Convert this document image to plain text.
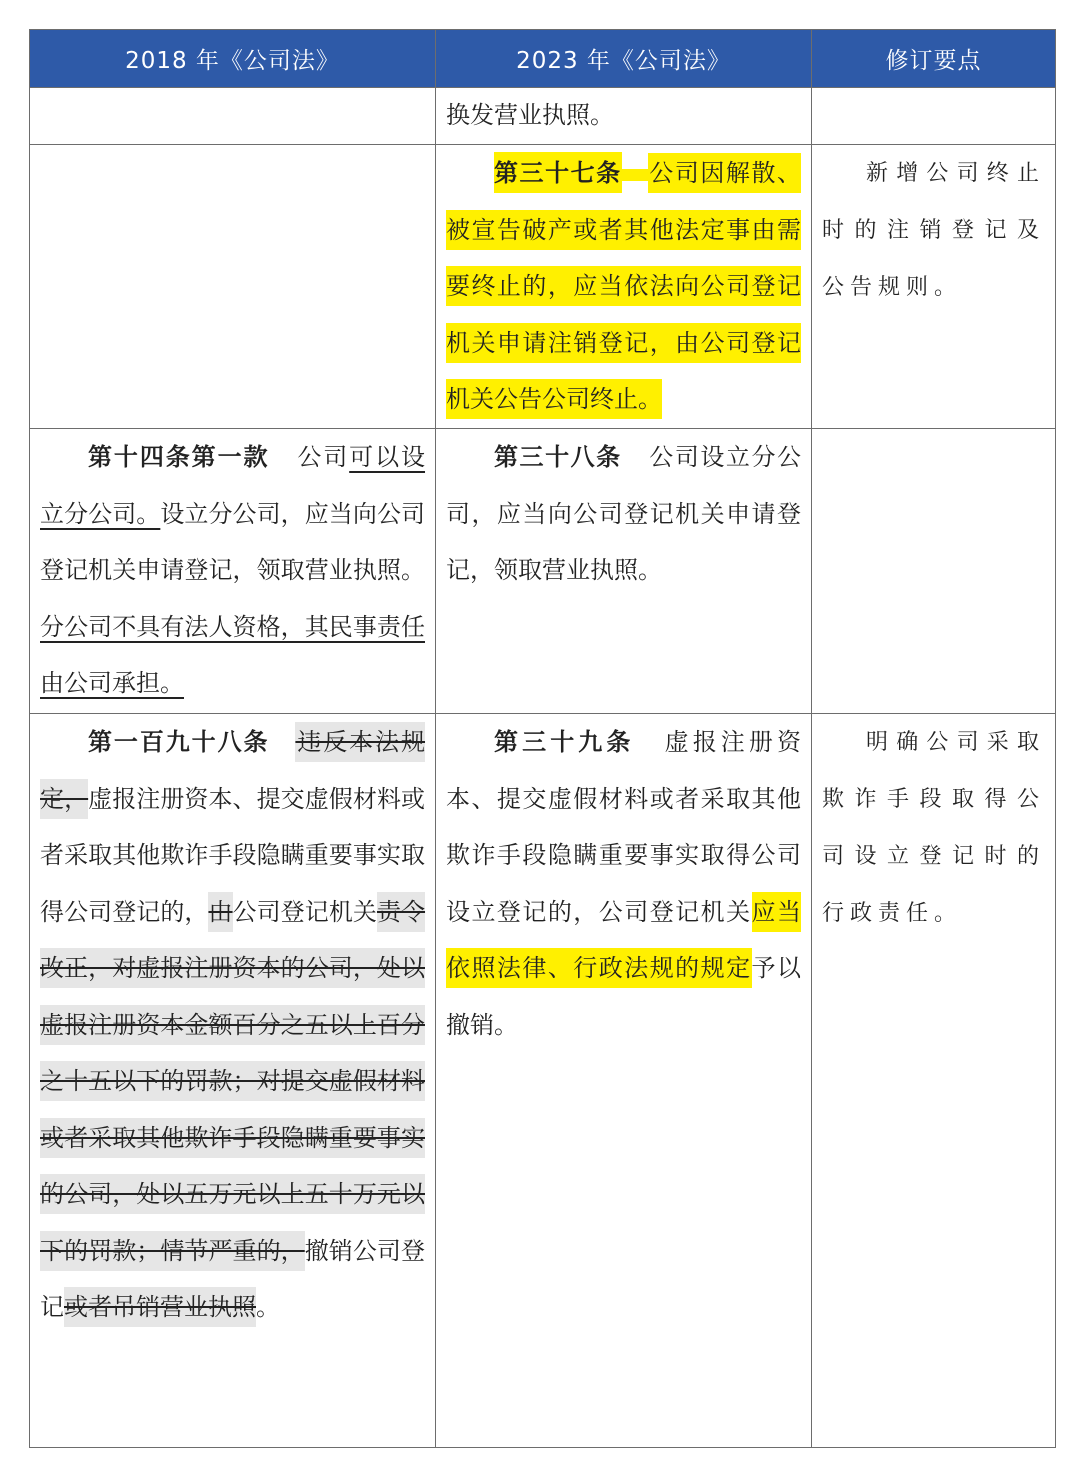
2018 年《公司法》	2023 年《公司法》	修订要点

	换发营业执照。	

	第三十七条 公司因解散、被宣告破产或者其他法定事由需要终止的，应当依法向公司登记机关申请注销登记，由公司登记机关公告公司终止。	新增公司终止时的注销登记及公告规则。

第十四条第一款 公司可以设立分公司。设立分公司，应当向公司登记机关申请登记，领取营业执照。分公司不具有法人资格，其民事责任由公司承担。	第三十八条 公司设立分公司，应当向公司登记机关申请登记，领取营业执照。	

第一百九十八条 违反本法规定，虚报注册资本、提交虚假材料或者采取其他欺诈手段隐瞒重要事实取得公司登记的，由公司登记机关责令改正，对虚报注册资本的公司，处以虚报注册资本金额百分之五以上百分之十五以下的罚款；对提交虚假材料或者采取其他欺诈手段隐瞒重要事实的公司，处以五万元以上五十万元以下的罚款；情节严重的，撤销公司登记或者吊销营业执照。	第三十九条 虚报注册资本、提交虚假材料或者采取其他欺诈手段隐瞒重要事实取得公司设立登记的，公司登记机关应当依照法律、行政法规的规定予以撤销。	明确公司采取欺诈手段取得公司设立登记时的行政责任。
